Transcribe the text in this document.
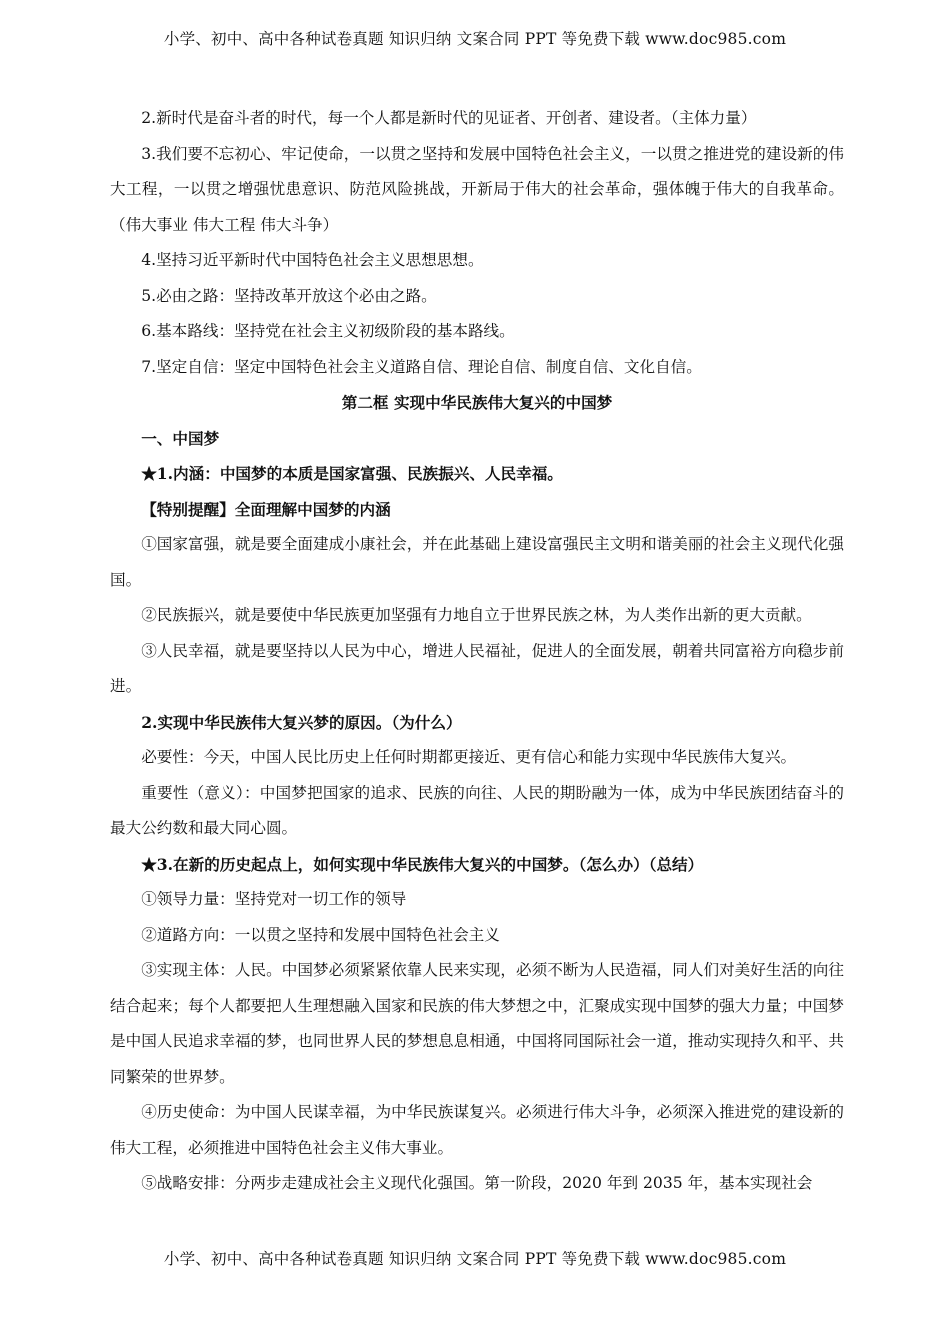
小学、初中、高中各种试卷真题 知识归纳 文案合同 PPT 等免费下载 www.doc985.com

2.新时代是奋斗者的时代，每一个人都是新时代的见证者、开创者、建设者。（主体力量）

3.我们要不忘初心、牢记使命，一以贯之坚持和发展中国特色社会主义，一以贯之推进党的建设新的伟大工程，一以贯之增强忧患意识、防范风险挑战，开新局于伟大的社会革命，强体魄于伟大的自我革命。（伟大事业 伟大工程 伟大斗争）

4.坚持习近平新时代中国特色社会主义思想思想。

5.必由之路：坚持改革开放这个必由之路。

6.基本路线：坚持党在社会主义初级阶段的基本路线。

7.坚定自信：坚定中国特色社会主义道路自信、理论自信、制度自信、文化自信。

第二框 实现中华民族伟大复兴的中国梦

一、中国梦

★1.内涵：中国梦的本质是国家富强、民族振兴、人民幸福。

【特别提醒】全面理解中国梦的内涵

①国家富强，就是要全面建成小康社会，并在此基础上建设富强民主文明和谐美丽的社会主义现代化强国。

②民族振兴，就是要使中华民族更加坚强有力地自立于世界民族之林，为人类作出新的更大贡献。

③人民幸福，就是要坚持以人民为中心，增进人民福祉，促进人的全面发展，朝着共同富裕方向稳步前进。

2.实现中华民族伟大复兴梦的原因。（为什么）

必要性：今天，中国人民比历史上任何时期都更接近、更有信心和能力实现中华民族伟大复兴。

重要性（意义）：中国梦把国家的追求、民族的向往、人民的期盼融为一体，成为中华民族团结奋斗的最大公约数和最大同心圆。

★3.在新的历史起点上，如何实现中华民族伟大复兴的中国梦。（怎么办）（总结）

①领导力量：坚持党对一切工作的领导

②道路方向：一以贯之坚持和发展中国特色社会主义

③实现主体：人民。中国梦必须紧紧依靠人民来实现，必须不断为人民造福，同人们对美好生活的向往结合起来；每个人都要把人生理想融入国家和民族的伟大梦想之中，汇聚成实现中国梦的强大力量；中国梦是中国人民追求幸福的梦，也同世界人民的梦想息息相通，中国将同国际社会一道，推动实现持久和平、共同繁荣的世界梦。

④历史使命：为中国人民谋幸福，为中华民族谋复兴。必须进行伟大斗争，必须深入推进党的建设新的伟大工程，必须推进中国特色社会主义伟大事业。

⑤战略安排：分两步走建成社会主义现代化强国。第一阶段，2020 年到 2035 年，基本实现社会

小学、初中、高中各种试卷真题 知识归纳 文案合同 PPT 等免费下载 www.doc985.com
